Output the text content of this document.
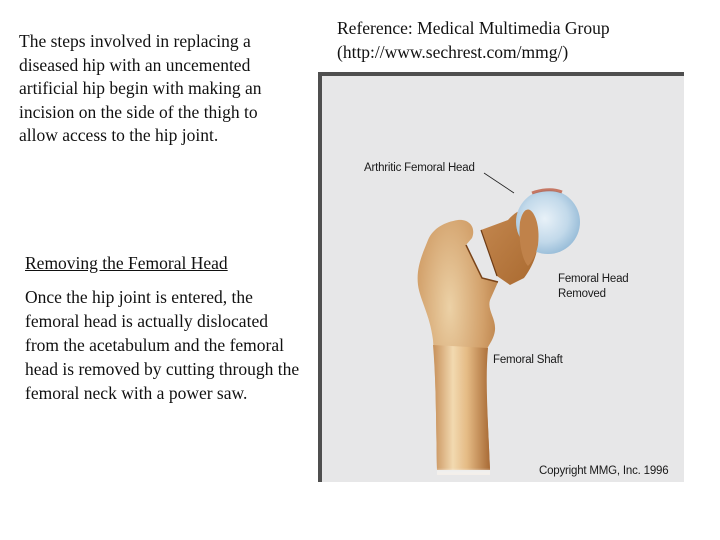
The steps involved in replacing a diseased hip with an uncemented artificial hip begin with making an incision on the side of the thigh to allow access to the hip joint.
Reference: Medical Multimedia Group
(http://www.sechrest.com/mmg/)
Removing the Femoral Head

Once the hip joint is entered, the femoral head is actually dislocated from the acetabulum and the femoral head is removed by cutting through the femoral neck with a power saw.

Arthritic Femoral Head
Femoral Head
Removed
Femoral Shaft
Copyright MMG, Inc. 1996
